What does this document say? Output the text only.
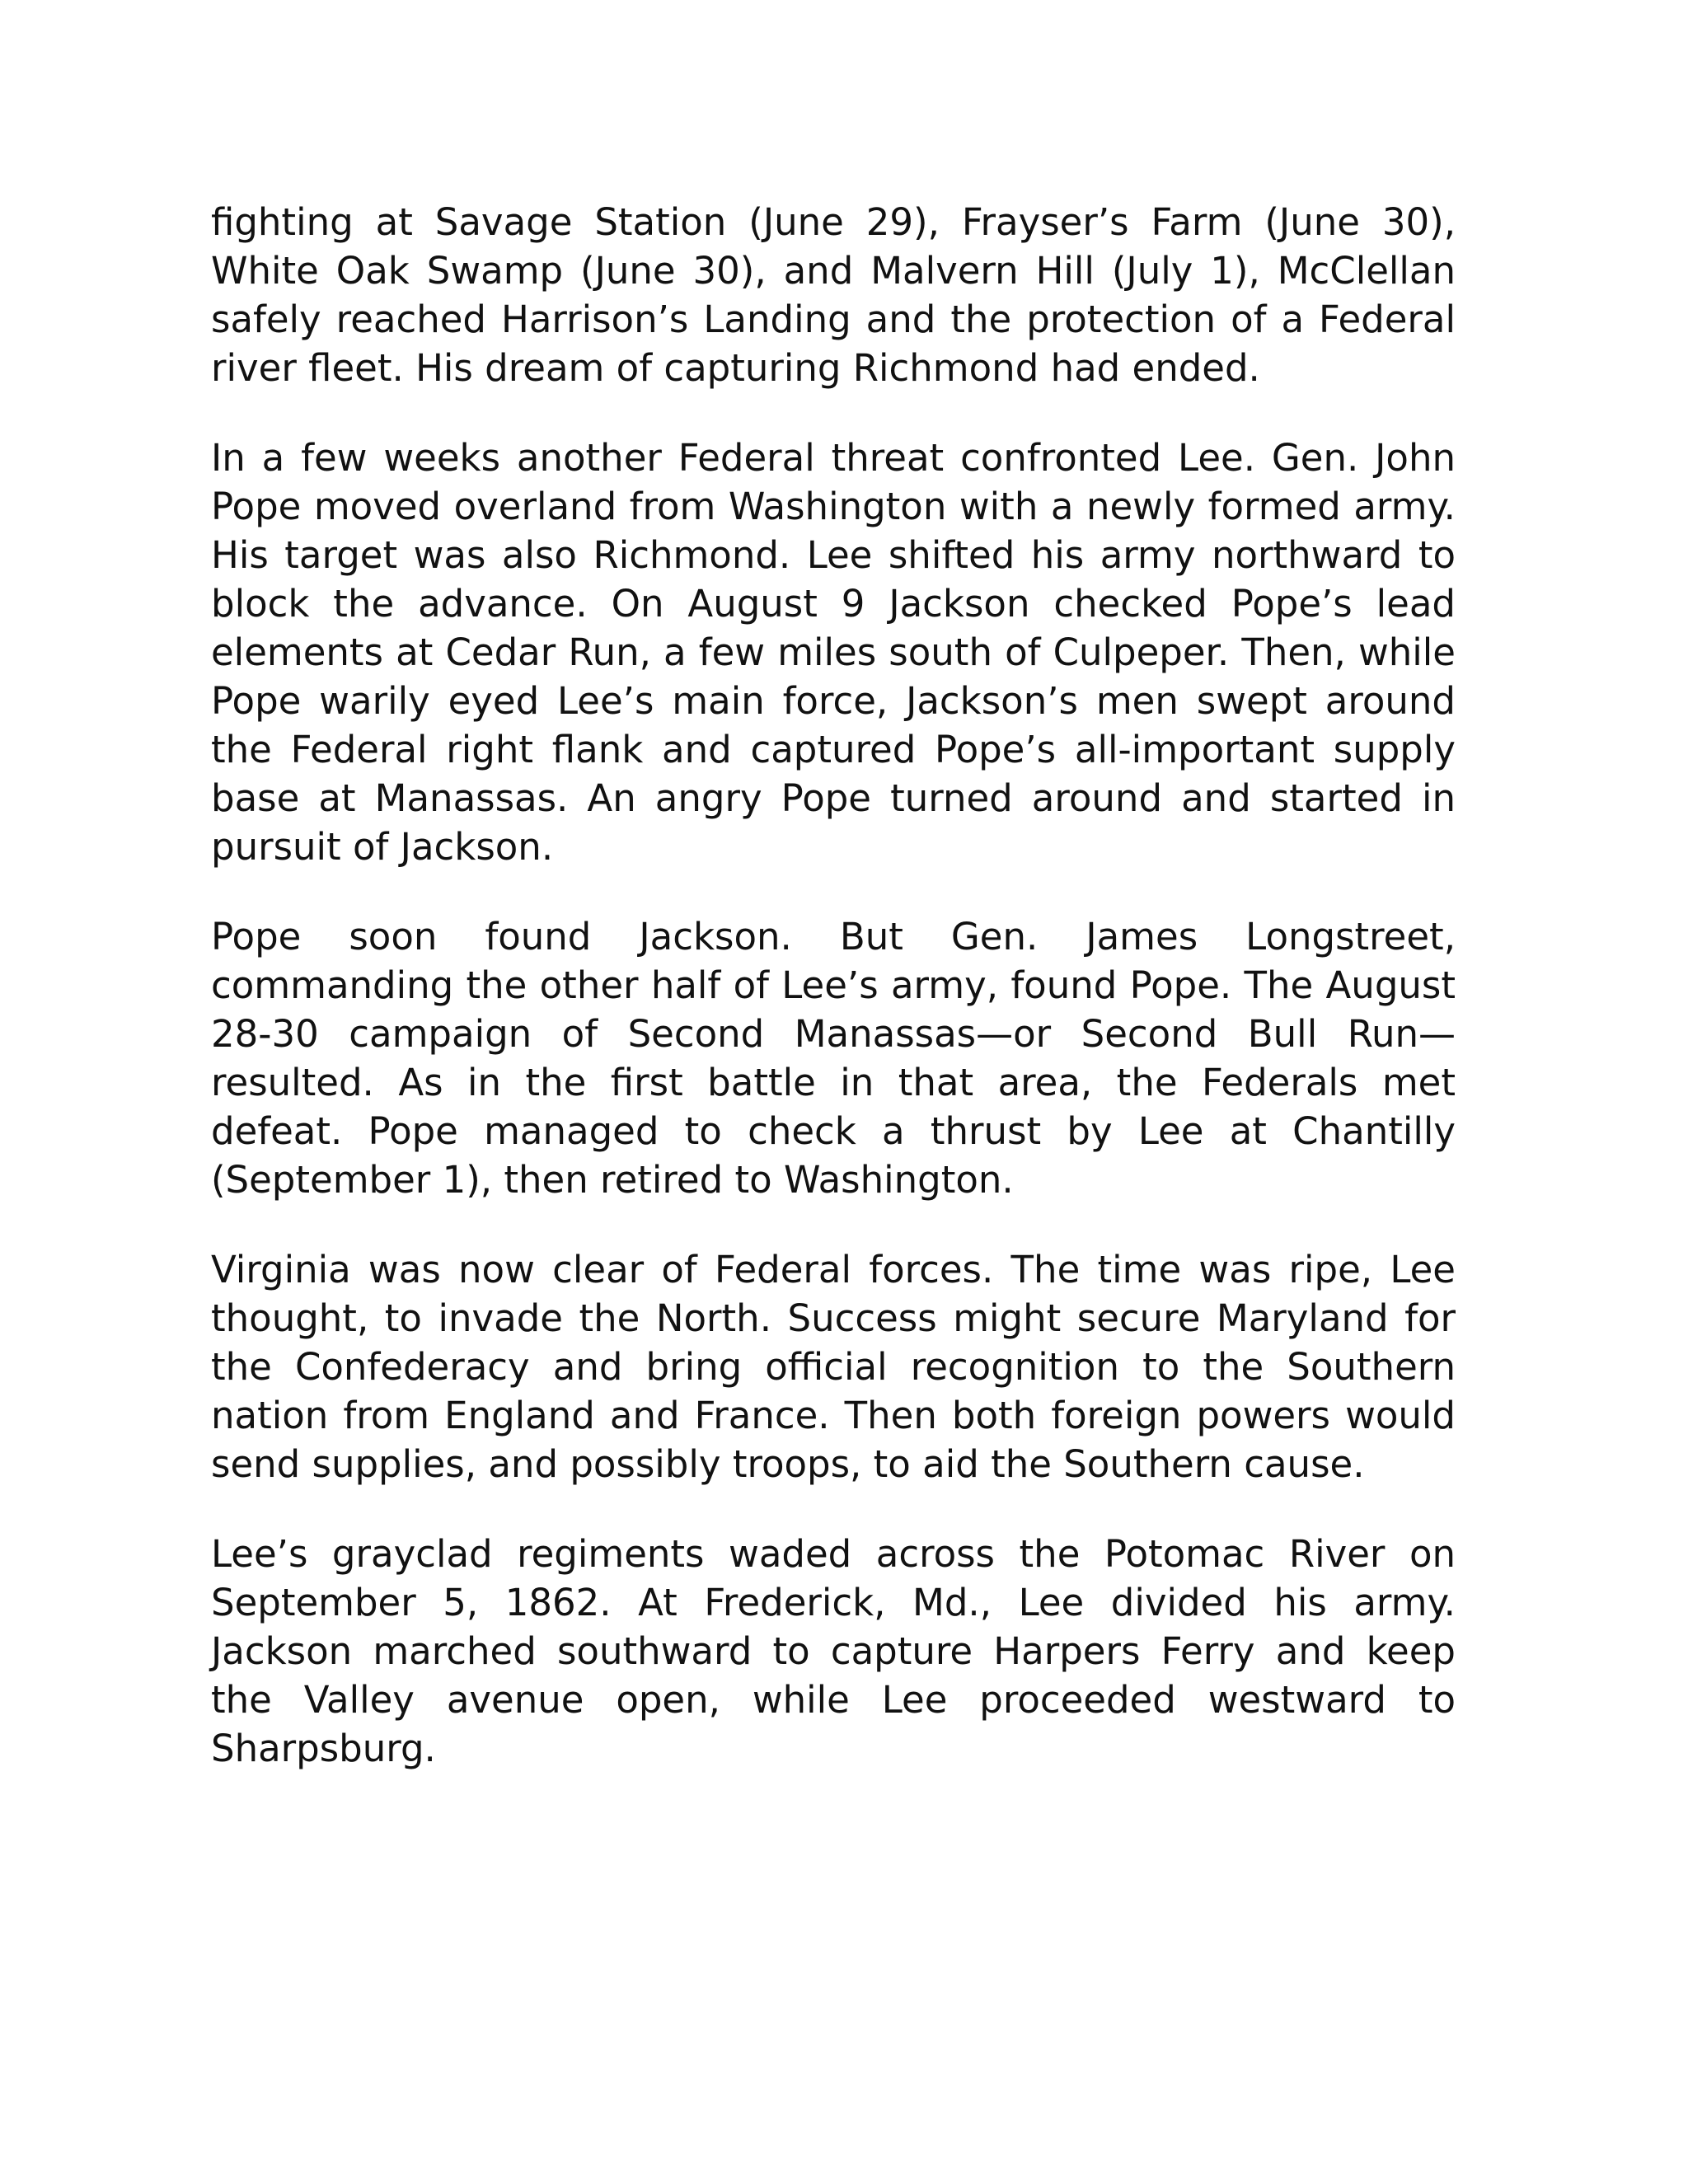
fighting at Savage Station (June 29), Frayser’s Farm (June 30), White Oak Swamp (June 30), and Malvern Hill (July 1), McClellan safely reached Harrison’s Landing and the protection of a Federal river fleet. His dream of capturing Richmond had ended.

In a few weeks another Federal threat confronted Lee. Gen. John Pope moved overland from Washington with a newly formed army. His target was also Richmond. Lee shifted his army northward to block the advance. On August 9 Jackson checked Pope’s lead elements at Cedar Run, a few miles south of Culpeper. Then, while Pope warily eyed Lee’s main force, Jackson’s men swept around the Federal right flank and captured Pope’s all-important supply base at Manassas. An angry Pope turned around and started in pursuit of Jackson.

Pope soon found Jackson. But Gen. James Longstreet, commanding the other half of Lee’s army, found Pope. The August 28-30 campaign of Second Manassas—or Second Bull Run—resulted. As in the first battle in that area, the Federals met defeat. Pope managed to check a thrust by Lee at Chantilly (September 1), then retired to Washington.

Virginia was now clear of Federal forces. The time was ripe, Lee thought, to invade the North. Success might secure Maryland for the Confederacy and bring official recognition to the Southern nation from England and France. Then both foreign powers would send supplies, and possibly troops, to aid the Southern cause.

Lee’s grayclad regiments waded across the Potomac River on September 5, 1862. At Frederick, Md., Lee divided his army. Jackson marched southward to capture Harpers Ferry and keep the Valley avenue open, while Lee proceeded westward to Sharpsburg.
